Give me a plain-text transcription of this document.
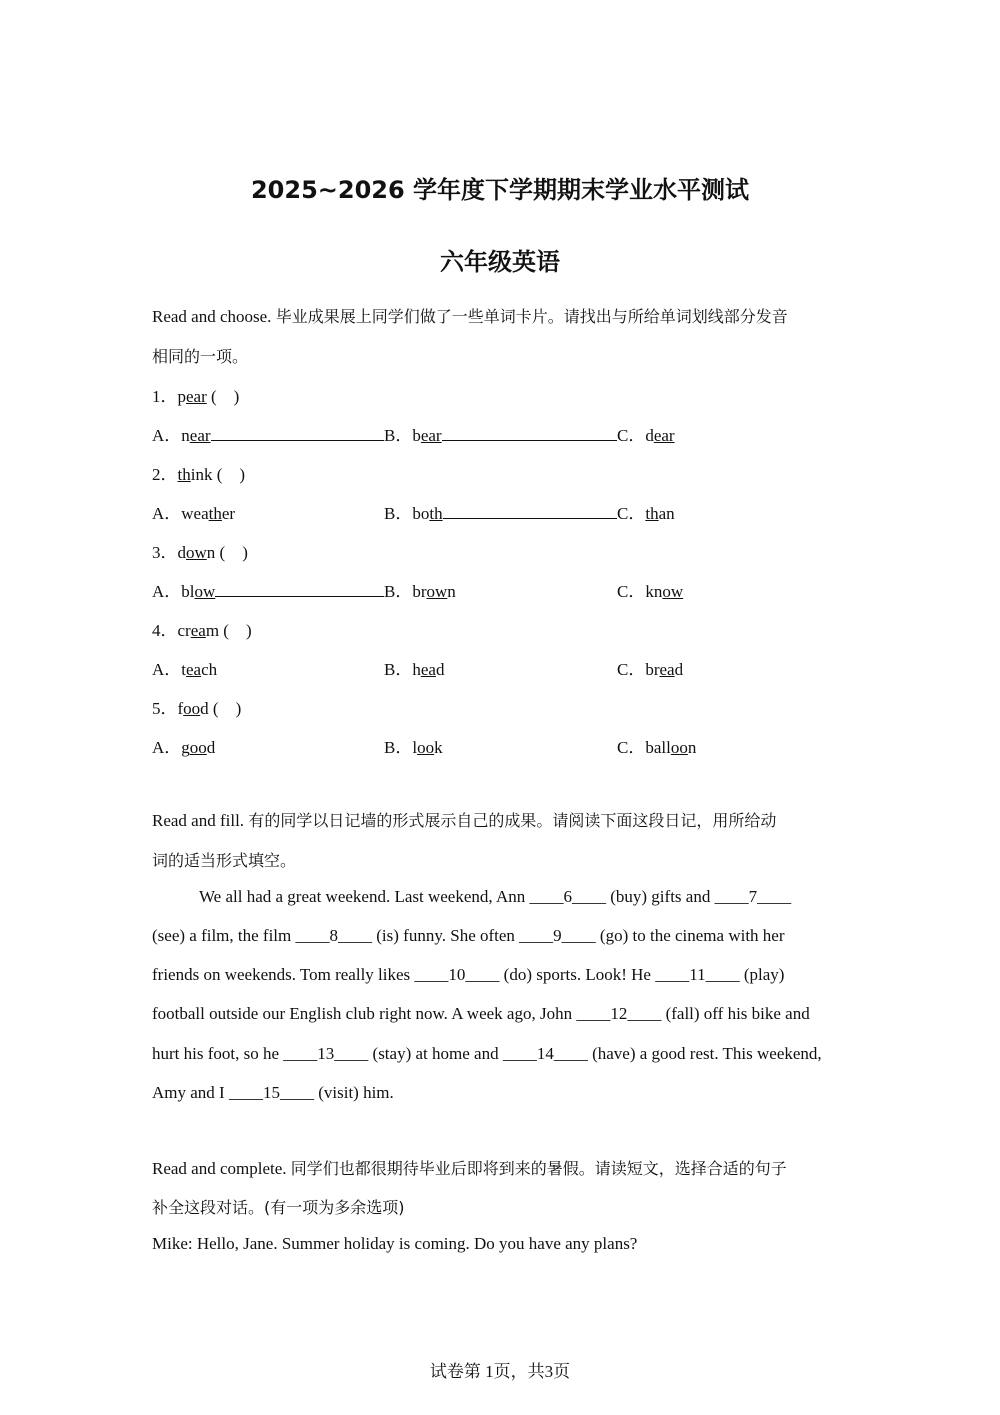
2025~2026 学年度下学期期末学业水平测试
六年级英语
Read and choose. 毕业成果展上同学们做了一些单词卡片。请找出与所给单词划线部分发音
相同的一项。
1．pear (    )
A．near	B．bear	C．dear
2．think (    )
A．weather	B．both	C．than
3．down (    )
A．blow	B．brown	C．know
4．cream (    )
A．teach	B．head	C．bread
5．food (    )
A．good	B．look	C．balloon
Read and fill. 有的同学以日记墙的形式展示自己的成果。请阅读下面这段日记，用所给动
词的适当形式填空。
We all had a great weekend. Last weekend, Ann ____6____ (buy) gifts and ____7____
(see) a film, the film ____8____ (is) funny. She often ____9____ (go) to the cinema with her
friends on weekends. Tom really likes ____10____ (do) sports. Look! He ____11____ (play)
football outside our English club right now. A week ago, John ____12____ (fall) off his bike and
hurt his foot, so he ____13____ (stay) at home and ____14____ (have) a good rest. This weekend,
Amy and I ____15____ (visit) him.
Read and complete. 同学们也都很期待毕业后即将到来的暑假。请读短文，选择合适的句子
补全这段对话。(有一项为多余选项)
Mike: Hello, Jane. Summer holiday is coming. Do you have any plans?
试卷第 1页，共3页
